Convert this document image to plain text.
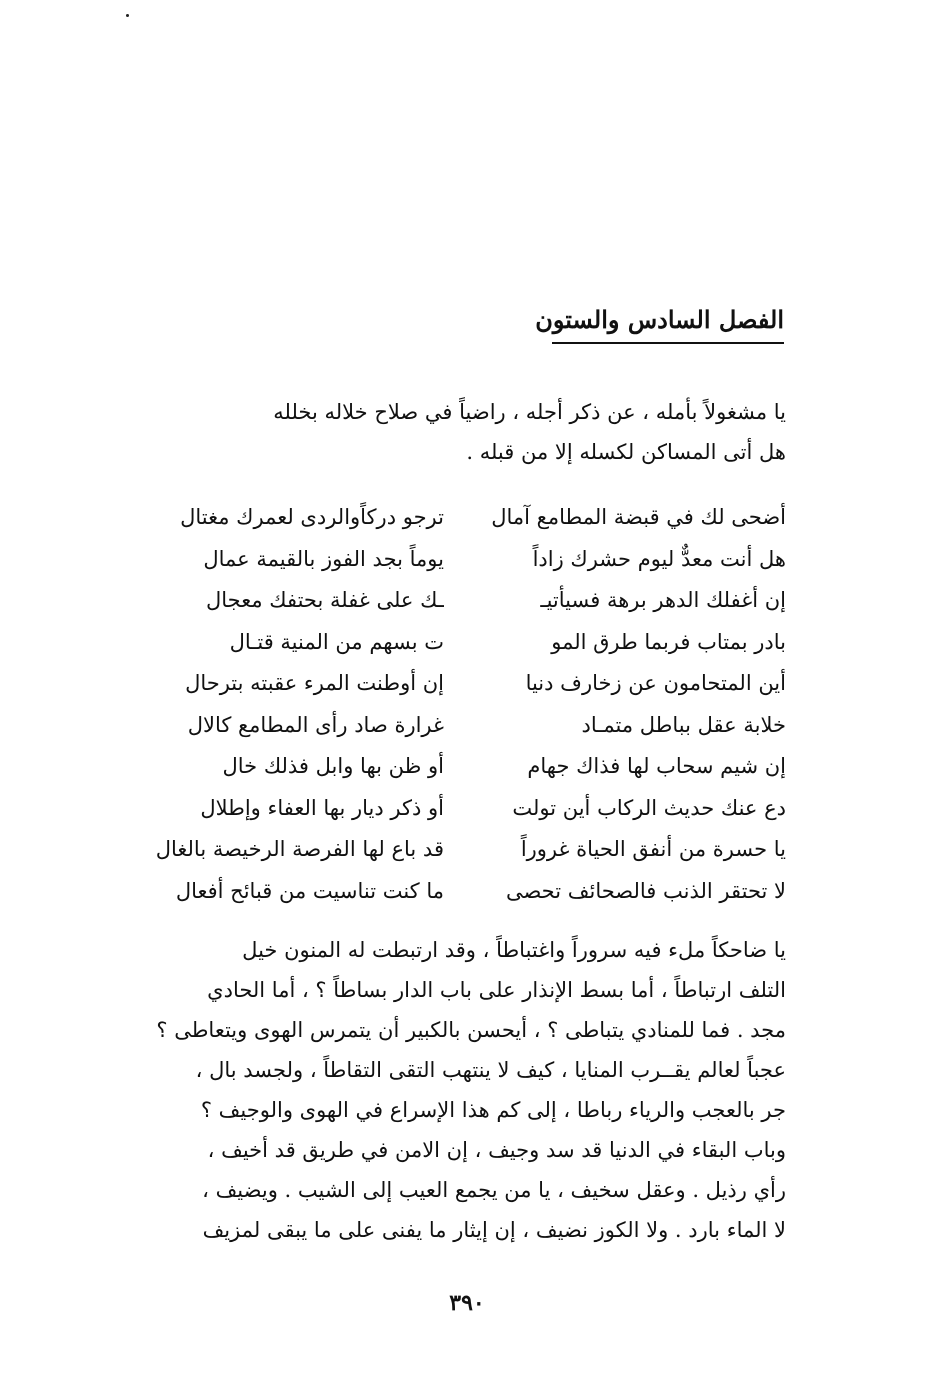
الفصل السادس والستون
يا مشغولاً بأمله ، عن ذكر أجله ، راضياً في صلاح خلاله بخلله
هل أتى المساكن لكسله إلا من قبله .
أضحى لك في قبضة المطامع آمال
ترجو دركاًوالردى لعمرك مغتال
هل أنت معدٌّ ليوم حشرك زاداً
يوماً بجد الفوز بالقيمة عمال
إن أغفلك الدهر برهة فسيأتيـ
ـك على غفلة بحتفك معجال
بادر بمتاب فربما طرق المو
ت بسهم من المنية قتـال
أين المتحامون عن زخارف دنيا
إن أوطنت المرء عقبته بترحال
خلابة عقل بباطل متمـاد
غرارة صاد رأى المطامع كالال
إن شيم سحاب لها فذاك جهام
أو ظن بها وابل فذلك خال
دع عنك حديث الركاب أين تولت
أو ذكر ديار بها العفاء وإطلال
يا حسرة من أنفق الحياة غروراً
قد باع لها الفرصة الرخيصة بالغال
لا تحتقر الذنب فالصحائف تحصى
ما كنت تناسيت من قبائح أفعال
يا ضاحكاً ملء فيه سروراً واغتباطاً ، وقد ارتبطت له المنون خيل
التلف ارتباطاً ، أما بسط الإنذار على باب الدار بساطاً ؟ ، أما الحادي
مجد . فما للمنادي يتباطى ؟ ، أيحسن بالكبير أن يتمرس الهوى ويتعاطى ؟
عجباً لعالم يقــرب المنايا ، كيف لا ينتهب التقى التقاطاً ، ولجسد بال ،
جر بالعجب والرياء رباطا ، إلى كم هذا الإسراع في الهوى والوجيف ؟
وباب البقاء في الدنيا قد سد وجيف ، إن الامن في طريق قد أخيف ،
رأي رذيل . وعقل سخيف ، يا من يجمع العيب إلى الشيب . ويضيف ،
لا الماء بارد . ولا الكوز نضيف ، إن إيثار ما يفنى على ما يبقى لمزيف
٣٩٠
